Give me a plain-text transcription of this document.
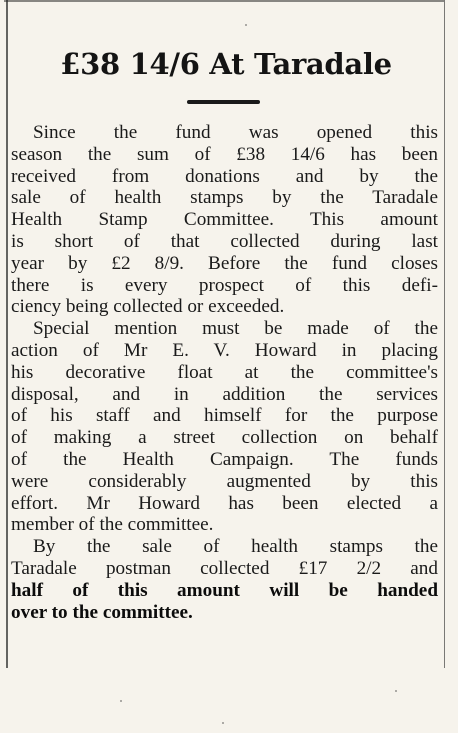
£38 14/6 At Taradale
Since the fund was opened this
season the sum of £38 14/6 has been
received from donations and by the
sale of health stamps by the Taradale
Health Stamp Committee. This amount
is short of that collected during last
year by £2 8/9. Before the fund closes
there is every prospect of this defi-
ciency being collected or exceeded.
Special mention must be made of the
action of Mr E. V. Howard in placing
his decorative float at the committee's
disposal, and in addition the services
of his staff and himself for the purpose
of making a street collection on behalf
of the Health Campaign. The funds
were considerably augmented by this
effort. Mr Howard has been elected a
member of the committee.
By the sale of health stamps the
Taradale postman collected £17 2/2 and
half of this amount will be handed
over to the committee.
